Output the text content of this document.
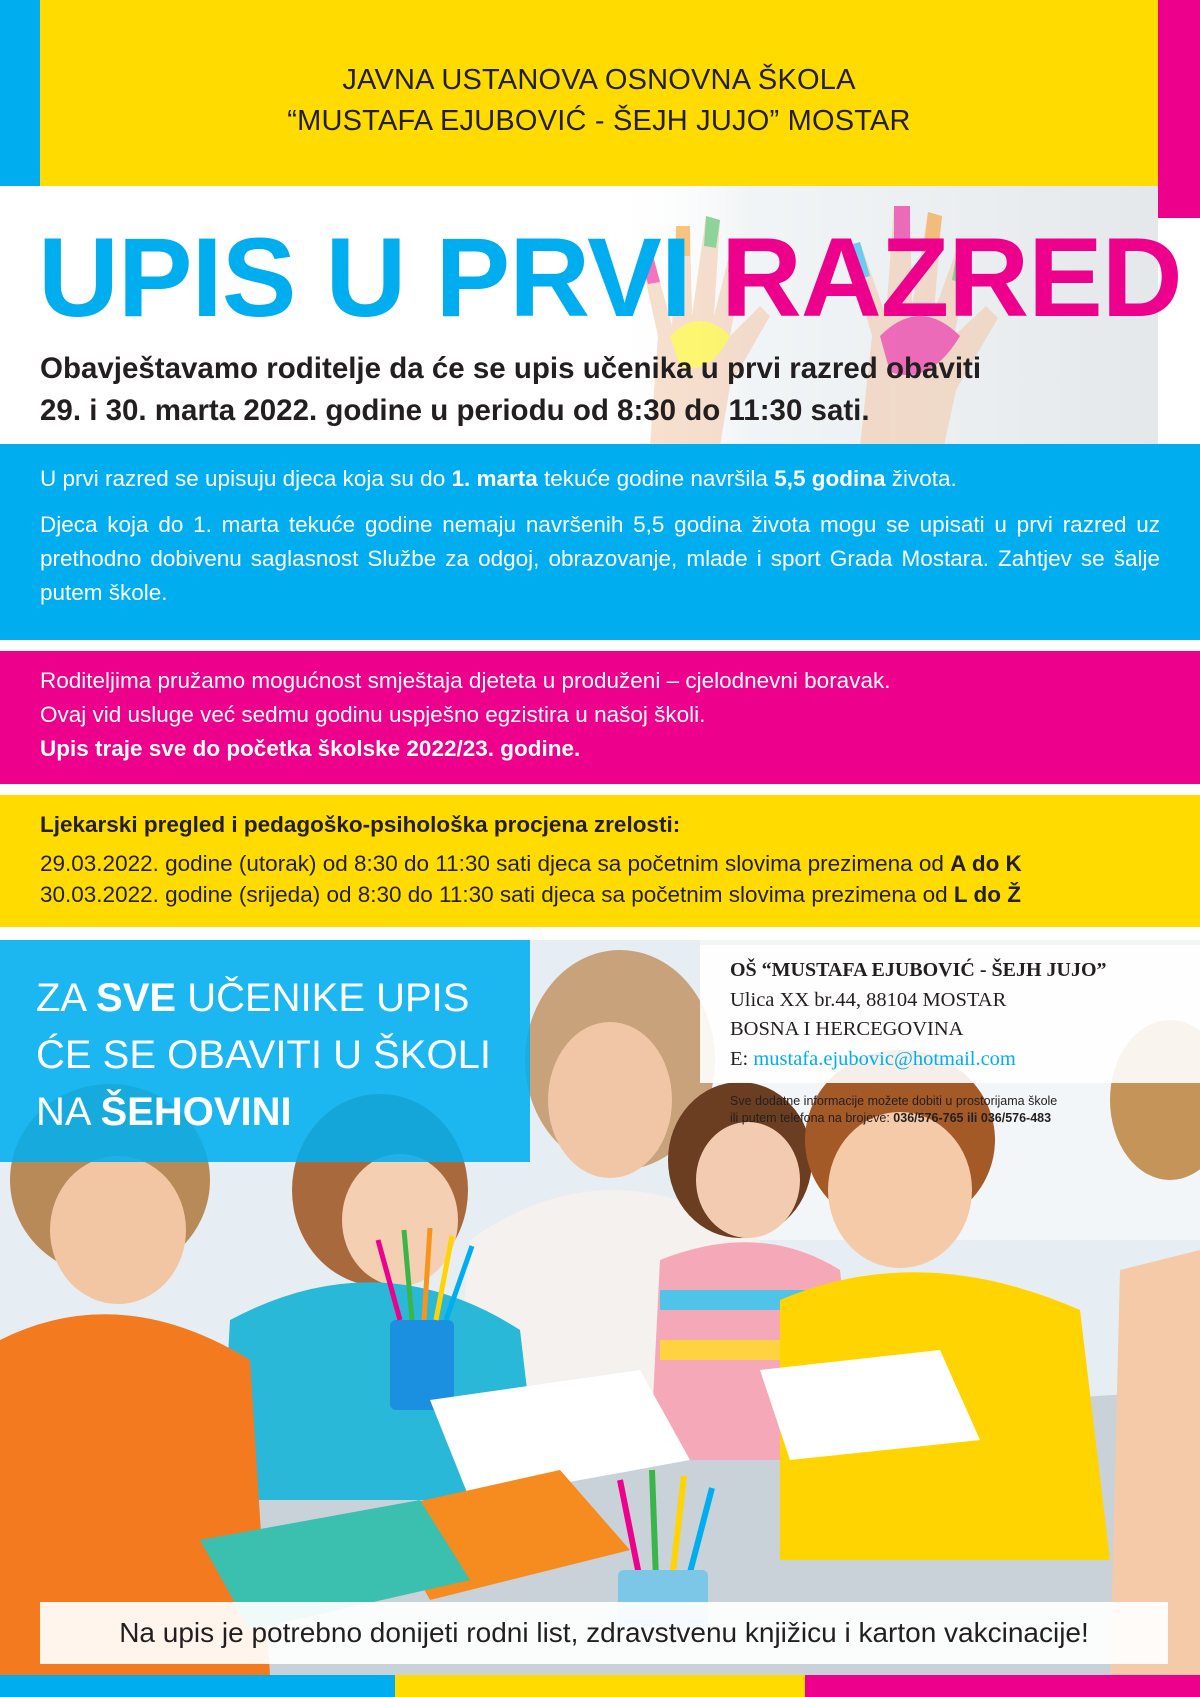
JAVNA USTANOVA OSNOVNA ŠKOLA
“MUSTAFA EJUBOVIĆ - ŠEJH JUJO” MOSTAR
UPIS U PRVI RAZRED
Obavještavamo roditelje da će se upis učenika u prvi razred obaviti
29. i 30. marta 2022. godine u periodu od 8:30 do 11:30 sati.

U prvi razred se upisuju djeca koja su do 1. marta tekuće godine navršila 5,5 godina života.

Djeca koja do 1. marta tekuće godine nemaju navršenih 5,5 godina života mogu se upisati u prvi razred uz prethodno dobivenu saglasnost Službe za odgoj, obrazovanje, mlade i sport Grada Mostara. Zahtjev se šalje putem škole.

Roditeljima pružamo mogućnost smještaja djeteta u produženi – cjelodnevni boravak.
Ovaj vid usluge već sedmu godinu uspješno egzistira u našoj školi.
Upis traje sve do početka školske 2022/23. godine.
Ljekarski pregled i pedagoško-psihološka procjena zrelosti:
29.03.2022. godine (utorak) od 8:30 do 11:30 sati djeca sa početnim slovima prezimena od A do K
30.03.2022. godine (srijeda) od 8:30 do 11:30 sati djeca sa početnim slovima prezimena od L do Ž
ZA SVE UČENIKE UPIS
ĆE SE OBAVITI U ŠKOLI
NA ŠEHOVINI
OŠ “MUSTAFA EJUBOVIĆ - ŠEJH JUJO”
Ulica XX br.44, 88104 MOSTAR
BOSNA I HERCEGOVINA
E: mustafa.ejubovic@hotmail.com
Sve dodatne informacije možete dobiti u prostorijama škole
ili putem telefona na brojeve: 036/576-765 ili 036/576-483
Na upis je potrebno donijeti rodni list, zdravstvenu knjižicu i karton vakcinacije!
